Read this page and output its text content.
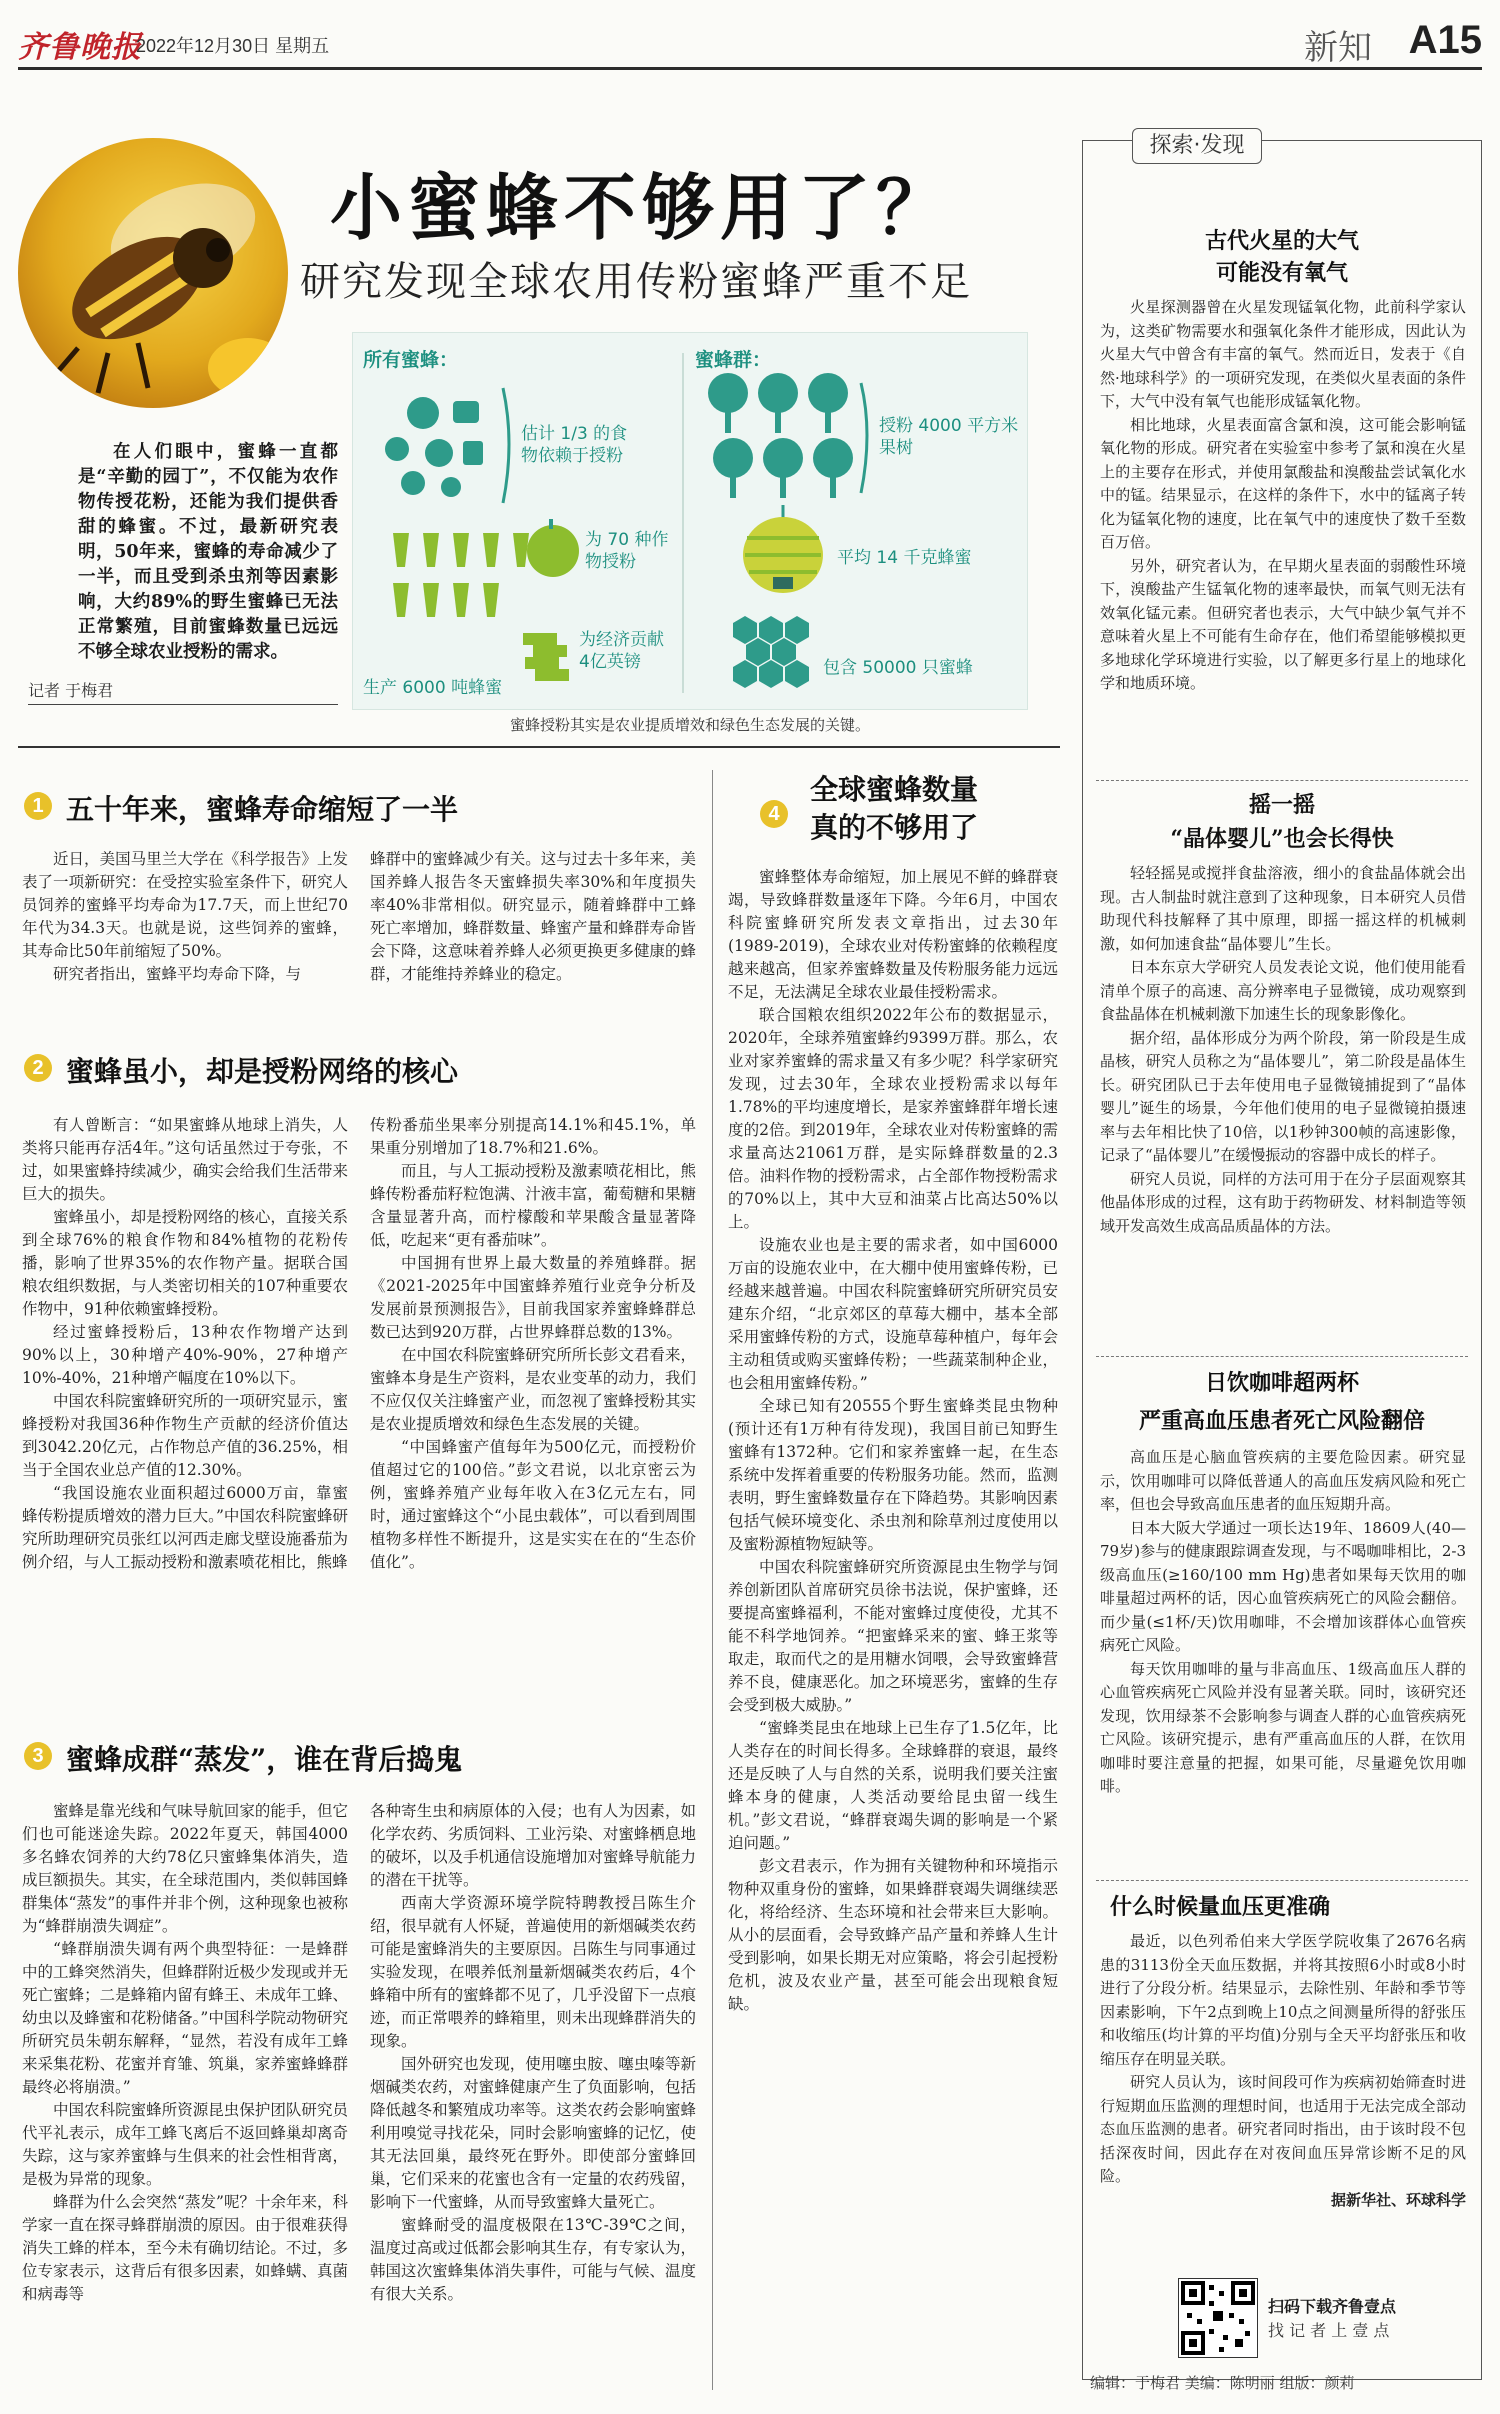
齐鲁晚报
2022年12月30日 星期五	新知 A15
小蜜蜂不够用了？
研究发现全球农用传粉蜜蜂严重不足
在人们眼中，蜜蜂一直都是“辛勤的园丁”，不仅能为农作物传授花粉，还能为我们提供香甜的蜂蜜。不过，最新研究表明，50年来，蜜蜂的寿命减少了一半，而且受到杀虫剂等因素影响，大约89%的野生蜜蜂已无法正常繁殖，目前蜜蜂数量已远远不够全球农业授粉的需求。
记者 于梅君
所有蜜蜂：	蜜蜂群：
估计 1/3 的食物依赖于授粉
为 70 种作物授粉
为经济贡献 4亿英镑
生产 6000 吨蜂蜜
授粉 4000 平方米果树
平均 14 千克蜂蜜
包含 50000 只蜜蜂
蜜蜂授粉其实是农业提质增效和绿色生态发展的关键。
1 五十年来，蜜蜂寿命缩短了一半

近日，美国马里兰大学在《科学报告》上发表了一项新研究：在受控实验室条件下，研究人员饲养的蜜蜂平均寿命为17.7天，而上世纪70年代为34.3天。也就是说，这些饲养的蜜蜂，其寿命比50年前缩短了50%。

研究者指出，蜜蜂平均寿命下降，与

蜂群中的蜜蜂减少有关。这与过去十多年来，美国养蜂人报告冬天蜜蜂损失率30%和年度损失率40%非常相似。研究显示，随着蜂群中工蜂死亡率增加，蜂群数量、蜂蜜产量和蜂群寿命皆会下降，这意味着养蜂人必须更换更多健康的蜂群，才能维持养蜂业的稳定。

2 蜜蜂虽小，却是授粉网络的核心

有人曾断言：“如果蜜蜂从地球上消失，人类将只能再存活4年。”这句话虽然过于夸张，不过，如果蜜蜂持续减少，确实会给我们生活带来巨大的损失。

蜜蜂虽小，却是授粉网络的核心，直接关系到全球76%的粮食作物和84%植物的花粉传播，影响了世界35%的农作物产量。据联合国粮农组织数据，与人类密切相关的107种重要农作物中，91种依赖蜜蜂授粉。

经过蜜蜂授粉后，13种农作物增产达到90%以上，30种增产40%-90%，27种增产10%-40%，21种增产幅度在10%以下。

中国农科院蜜蜂研究所的一项研究显示，蜜蜂授粉对我国36种作物生产贡献的经济价值达到3042.20亿元，占作物总产值的36.25%，相当于全国农业总产值的12.30%。

“我国设施农业面积超过6000万亩，靠蜜蜂传粉提质增效的潜力巨大。”中国农科院蜜蜂研究所助理研究员张红以河西走廊戈壁设施番茄为例介绍，与人工振动授粉和激素喷花相比，熊蜂

传粉番茄坐果率分别提高14.1%和45.1%，单果重分别增加了18.7%和21.6%。

而且，与人工振动授粉及激素喷花相比，熊蜂传粉番茄籽粒饱满、汁液丰富，葡萄糖和果糖含量显著升高，而柠檬酸和苹果酸含量显著降低，吃起来“更有番茄味”。

中国拥有世界上最大数量的养殖蜂群。据《2021-2025年中国蜜蜂养殖行业竞争分析及发展前景预测报告》，目前我国家养蜜蜂蜂群总数已达到920万群，占世界蜂群总数的13%。

在中国农科院蜜蜂研究所所长彭文君看来，蜜蜂本身是生产资料，是农业变革的动力，我们不应仅仅关注蜂蜜产业，而忽视了蜜蜂授粉其实是农业提质增效和绿色生态发展的关键。

“中国蜂蜜产值每年为500亿元，而授粉价值超过它的100倍。”彭文君说，以北京密云为例，蜜蜂养殖产业每年收入在3亿元左右，同时，通过蜜蜂这个“小昆虫载体”，可以看到周围植物多样性不断提升，这是实实在在的“生态价值化”。

3 蜜蜂成群“蒸发”，谁在背后捣鬼

蜜蜂是靠光线和气味导航回家的能手，但它们也可能迷途失踪。2022年夏天，韩国4000多名蜂农饲养的大约78亿只蜜蜂集体消失，造成巨额损失。其实，在全球范围内，类似韩国蜂群集体“蒸发”的事件并非个例，这种现象也被称为“蜂群崩溃失调症”。

“蜂群崩溃失调有两个典型特征：一是蜂群中的工蜂突然消失，但蜂群附近极少发现或并无死亡蜜蜂；二是蜂箱内留有蜂王、未成年工蜂、幼虫以及蜂蜜和花粉储备。”中国科学院动物研究所研究员朱朝东解释，“显然，若没有成年工蜂来采集花粉、花蜜并育雏、筑巢，家养蜜蜂蜂群最终必将崩溃。”

中国农科院蜜蜂所资源昆虫保护团队研究员代平礼表示，成年工蜂飞离后不返回蜂巢却离奇失踪，这与家养蜜蜂与生俱来的社会性相背离，是极为异常的现象。

蜂群为什么会突然“蒸发”呢？十余年来，科学家一直在探寻蜂群崩溃的原因。由于很难获得消失工蜂的样本，至今未有确切结论。不过，多位专家表示，这背后有很多因素，如蜂螨、真菌和病毒等

各种寄生虫和病原体的入侵；也有人为因素，如化学农药、劣质饲料、工业污染、对蜜蜂栖息地的破坏，以及手机通信设施增加对蜜蜂导航能力的潜在干扰等。

西南大学资源环境学院特聘教授吕陈生介绍，很早就有人怀疑，普遍使用的新烟碱类农药可能是蜜蜂消失的主要原因。吕陈生与同事通过实验发现，在喂养低剂量新烟碱类农药后，4个蜂箱中所有的蜜蜂都不见了，几乎没留下一点痕迹，而正常喂养的蜂箱里，则未出现蜂群消失的现象。

国外研究也发现，使用噻虫胺、噻虫嗪等新烟碱类农药，对蜜蜂健康产生了负面影响，包括降低越冬和繁殖成功率等。这类农药会影响蜜蜂利用嗅觉寻找花朵，同时会影响蜜蜂的记忆，使其无法回巢，最终死在野外。即使部分蜜蜂回巢，它们采来的花蜜也含有一定量的农药残留，影响下一代蜜蜂，从而导致蜜蜂大量死亡。

蜜蜂耐受的温度极限在13℃-39℃之间，温度过高或过低都会影响其生存，有专家认为，韩国这次蜜蜂集体消失事件，可能与气候、温度有很大关系。

4
全球蜜蜂数量
真的不够用了

蜜蜂整体寿命缩短，加上展见不鲜的蜂群衰竭，导致蜂群数量逐年下降。今年6月，中国农科院蜜蜂研究所发表文章指出，过去30年(1989-2019)，全球农业对传粉蜜蜂的依赖程度越来越高，但家养蜜蜂数量及传粉服务能力远远不足，无法满足全球农业最佳授粉需求。

联合国粮农组织2022年公布的数据显示，2020年，全球养殖蜜蜂约9399万群。那么，农业对家养蜜蜂的需求量又有多少呢？科学家研究发现，过去30年，全球农业授粉需求以每年1.78%的平均速度增长，是家养蜜蜂群年增长速度的2倍。到2019年，全球农业对传粉蜜蜂的需求量高达21061万群，是实际蜂群数量的2.3倍。油料作物的授粉需求，占全部作物授粉需求的70%以上，其中大豆和油菜占比高达50%以上。

设施农业也是主要的需求者，如中国6000万亩的设施农业中，在大棚中使用蜜蜂传粉，已经越来越普遍。中国农科院蜜蜂研究所研究员安建东介绍，“北京郊区的草莓大棚中，基本全部采用蜜蜂传粉的方式，设施草莓种植户，每年会主动租赁或购买蜜蜂传粉；一些蔬菜制种企业，也会租用蜜蜂传粉。”

全球已知有20555个野生蜜蜂类昆虫物种(预计还有1万种有待发现)，我国目前已知野生蜜蜂有1372种。它们和家养蜜蜂一起，在生态系统中发挥着重要的传粉服务功能。然而，监测表明，野生蜜蜂数量存在下降趋势。其影响因素包括气候环境变化、杀虫剂和除草剂过度使用以及蜜粉源植物短缺等。

中国农科院蜜蜂研究所资源昆虫生物学与饲养创新团队首席研究员徐书法说，保护蜜蜂，还要提高蜜蜂福利，不能对蜜蜂过度使役，尤其不能不科学地饲养。“把蜜蜂采来的蜜、蜂王浆等取走，取而代之的是用糖水饲喂，会导致蜜蜂营养不良，健康恶化。加之环境恶劣，蜜蜂的生存会受到极大威胁。”

“蜜蜂类昆虫在地球上已生存了1.5亿年，比人类存在的时间长得多。全球蜂群的衰退，最终还是反映了人与自然的关系，说明我们要关注蜜蜂本身的健康，人类活动要给昆虫留一线生机。”彭文君说，“蜂群衰竭失调的影响是一个紧迫问题。”

彭文君表示，作为拥有关键物种和环境指示物种双重身份的蜜蜂，如果蜂群衰竭失调继续恶化，将给经济、生态环境和社会带来巨大影响。从小的层面看，会导致蜂产品产量和养蜂人生计受到影响，如果长期无对应策略，将会引起授粉危机，波及农业产量，甚至可能会出现粮食短缺。

探索·发现
古代火星的大气
可能没有氧气

火星探测器曾在火星发现锰氧化物，此前科学家认为，这类矿物需要水和强氧化条件才能形成，因此认为火星大气中曾含有丰富的氧气。然而近日，发表于《自然·地球科学》的一项研究发现，在类似火星表面的条件下，大气中没有氧气也能形成锰氧化物。

相比地球，火星表面富含氯和溴，这可能会影响锰氧化物的形成。研究者在实验室中参考了氯和溴在火星上的主要存在形式，并使用氯酸盐和溴酸盐尝试氧化水中的锰。结果显示，在这样的条件下，水中的锰离子转化为锰氧化物的速度，比在氧气中的速度快了数千至数百万倍。

另外，研究者认为，在早期火星表面的弱酸性环境下，溴酸盐产生锰氧化物的速率最快，而氧气则无法有效氧化锰元素。但研究者也表示，大气中缺少氧气并不意味着火星上不可能有生命存在，他们希望能够模拟更多地球化学环境进行实验，以了解更多行星上的地球化学和地质环境。

摇一摇
“晶体婴儿”也会长得快

轻轻摇晃或搅拌食盐溶液，细小的食盐晶体就会出现。古人制盐时就注意到了这种现象，日本研究人员借助现代科技解释了其中原理，即摇一摇这样的机械刺激，如何加速食盐“晶体婴儿”生长。

日本东京大学研究人员发表论文说，他们使用能看清单个原子的高速、高分辨率电子显微镜，成功观察到食盐晶体在机械刺激下加速生长的现象影像化。

据介绍，晶体形成分为两个阶段，第一阶段是生成晶核，研究人员称之为“晶体婴儿”，第二阶段是晶体生长。研究团队已于去年使用电子显微镜捕捉到了“晶体婴儿”诞生的场景，今年他们使用的电子显微镜拍摄速率与去年相比快了10倍，以1秒钟300帧的高速影像，记录了“晶体婴儿”在缓慢振动的容器中成长的样子。

研究人员说，同样的方法可用于在分子层面观察其他晶体形成的过程，这有助于药物研发、材料制造等领域开发高效生成高品质晶体的方法。

日饮咖啡超两杯
严重高血压患者死亡风险翻倍

高血压是心脑血管疾病的主要危险因素。研究显示，饮用咖啡可以降低普通人的高血压发病风险和死亡率，但也会导致高血压患者的血压短期升高。

日本大阪大学通过一项长达19年、18609人(40—79岁)参与的健康跟踪调查发现，与不喝咖啡相比，2-3级高血压(≥160/100 mm Hg)患者如果每天饮用的咖啡量超过两杯的话，因心血管疾病死亡的风险会翻倍。而少量(≤1杯/天)饮用咖啡，不会增加该群体心血管疾病死亡风险。

每天饮用咖啡的量与非高血压、1级高血压人群的心血管疾病死亡风险并没有显著关联。同时，该研究还发现，饮用绿茶不会影响参与调查人群的心血管疾病死亡风险。该研究提示，患有严重高血压的人群，在饮用咖啡时要注意量的把握，如果可能，尽量避免饮用咖啡。

什么时候量血压更准确

最近，以色列希伯来大学医学院收集了2676名病患的3113份全天血压数据，并将其按照6小时或8小时进行了分段分析。结果显示，去除性别、年龄和季节等因素影响，下午2点到晚上10点之间测量所得的舒张压和收缩压(均计算的平均值)分别与全天平均舒张压和收缩压存在明显关联。

研究人员认为，该时间段可作为疾病初始筛查时进行短期血压监测的理想时间，也适用于无法完成全部动态血压监测的患者。研究者同时指出，由于该时段不包括深夜时间，因此存在对夜间血压异常诊断不足的风险。

据新华社、环球科学

扫码下载齐鲁壹点
找 记 者 上 壹 点
编辑：于梅君 美编：陈明丽 组版：颜莉
